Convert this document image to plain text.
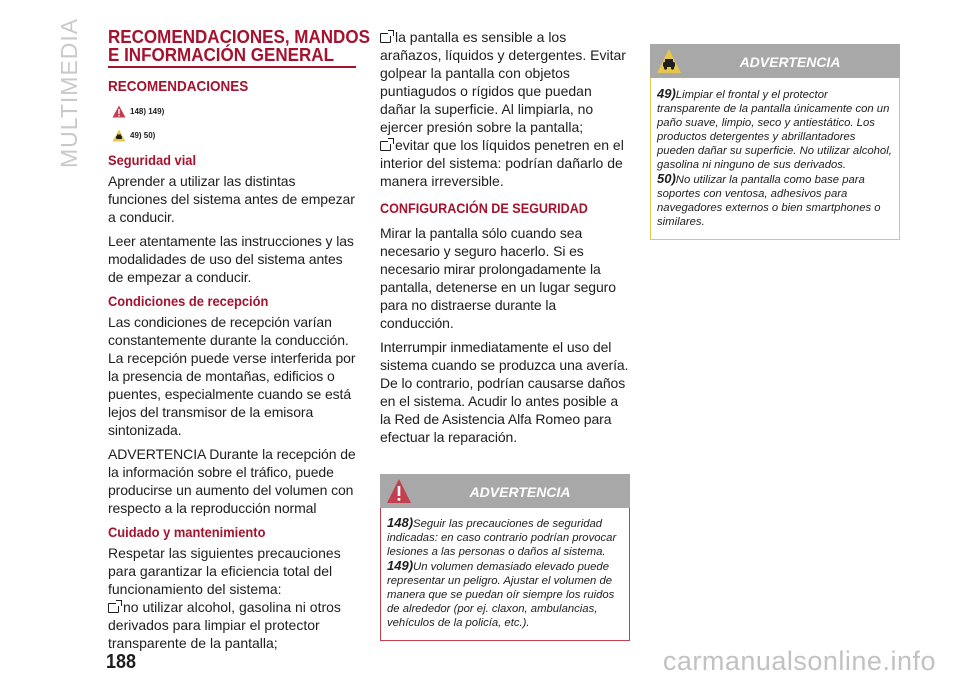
MULTIMEDIA RECOMENDACIONES, MANDOS
E INFORMACIÓN GENERAL
RECOMENDACIONES
148) 149)
49) 50)
Seguridad vial

Aprender a utilizar las distintas funciones del sistema antes de empezar a conducir.

Leer atentamente las instrucciones y las modalidades de uso del sistema antes de empezar a conducir.

Condiciones de recepción

Las condiciones de recepción varían constantemente durante la conducción. La recepción puede verse interferida por la presencia de montañas, edificios o puentes, especialmente cuando se está lejos del transmisor de la emisora sintonizada.

ADVERTENCIA Durante la recepción de la información sobre el tráfico, puede producirse un aumento del volumen con respecto a la reproducción normal

Cuidado y mantenimiento

Respetar las siguientes precauciones para garantizar la eficiencia total del funcionamiento del sistema:

no utilizar alcohol, gasolina ni otros derivados para limpiar el protector transparente de la pantalla;

la pantalla es sensible a los arañazos, líquidos y detergentes. Evitar golpear la pantalla con objetos puntiagudos o rígidos que puedan dañar la superficie. Al limpiarla, no ejercer presión sobre la pantalla;

evitar que los líquidos penetren en el interior del sistema: podrían dañarlo de manera irreversible.

CONFIGURACIÓN DE SEGURIDAD

Mirar la pantalla sólo cuando sea necesario y seguro hacerlo. Si es necesario mirar prolongadamente la pantalla, detenerse en un lugar seguro para no distraerse durante la conducción.

Interrumpir inmediatamente el uso del sistema cuando se produzca una avería. De lo contrario, podrían causarse daños en el sistema. Acudir lo antes posible a la Red de Asistencia Alfa Romeo para efectuar la reparación.

ADVERTENCIA

148)Seguir las precauciones de seguridad indicadas: en caso contrario podrían provocar lesiones a las personas o daños al sistema.

149)Un volumen demasiado elevado puede representar un peligro. Ajustar el volumen de manera que se puedan oír siempre los ruidos de alrededor (por ej. claxon, ambulancias, vehículos de la policía, etc.).

ADVERTENCIA

49)Limpiar el frontal y el protector transparente de la pantalla únicamente con un paño suave, limpio, seco y antiestático. Los productos detergentes y abrillantadores pueden dañar su superficie. No utilizar alcohol, gasolina ni ninguno de sus derivados.

50)No utilizar la pantalla como base para soportes con ventosa, adhesivos para navegadores externos o bien smartphones o similares.

188	carmanualsonline.info
